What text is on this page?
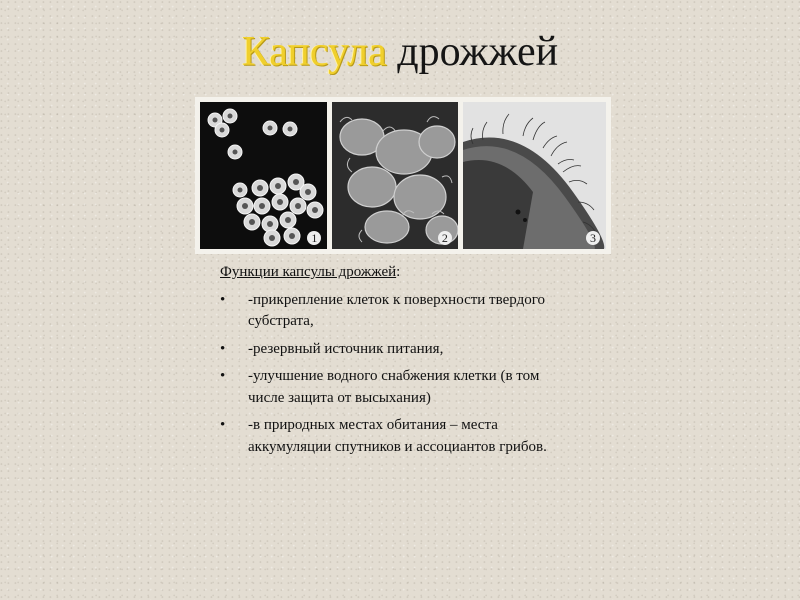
Капсула дрожжей
1	2	3

Функции капсулы дрожжей:

• -прикрепление клеток к поверхности твердого субстрата,
• -резервный источник питания,
• -улучшение водного снабжения клетки (в том числе защита от высыхания)
• -в природных местах обитания – места аккумуляции спутников и ассоциантов грибов.
